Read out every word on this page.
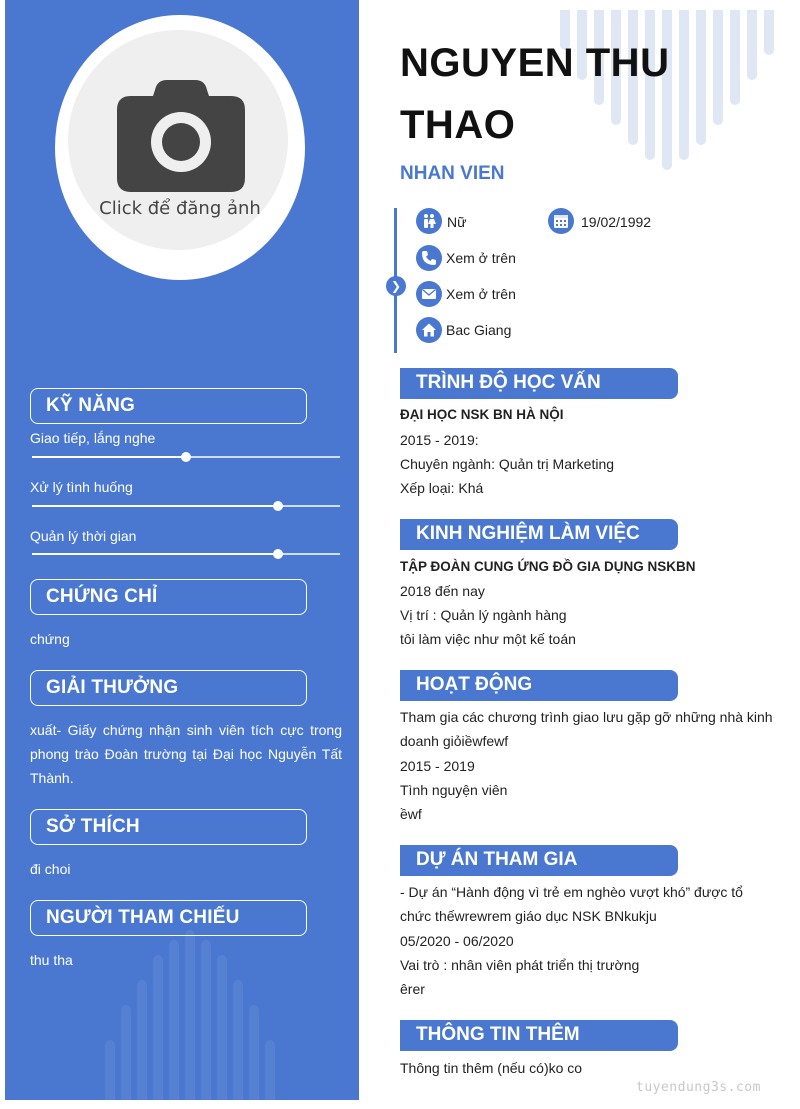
KỸ NĂNG
Giao tiếp, lắng nghe
Xử lý tình huống
Quản lý thời gian
CHỨNG CHỈ
chứng
GIẢI THƯỞNG
xuất- Giấy chứng nhận sinh viên tích cực trong phong trào Đoàn trường tại Đại học Nguyễn Tất Thành.
SỞ THÍCH
đi choi
NGƯỜI THAM CHIẾU
thu tha
Click để đăng ảnh
NGUYEN THU THAO
NHAN VIEN
❯
Nữ	19/02/1992
Xem ở trên
Xem ở trên
Bac Giang
TRÌNH ĐỘ HỌC VẤN
ĐẠI HỌC NSK BN HÀ NỘI
2015 - 2019:
Chuyên ngành: Quản trị Marketing
Xếp loại: Khá
KINH NGHIỆM LÀM VIỆC
TẬP ĐOÀN CUNG ỨNG ĐỒ GIA DỤNG NSKBN
2018 đến nay
Vị trí : Quản lý ngành hàng
tôi làm việc như một kế toán
HOẠT ĐỘNG
Tham gia các chương trình giao lưu gặp gỡ những nhà kinh doanh giỏiềwfewf
2015 - 2019
Tình nguyện viên
ềwf
DỰ ÁN THAM GIA
- Dự án “Hành động vì trẻ em nghèo vượt khó” được tổ chức thếwrewrem giáo dục NSK BNkukju
05/2020 - 06/2020
Vai trò : nhân viên phát triển thị trường
êrer
THÔNG TIN THÊM
Thông tin thêm (nếu có)ko co
tuyendung3s.com
